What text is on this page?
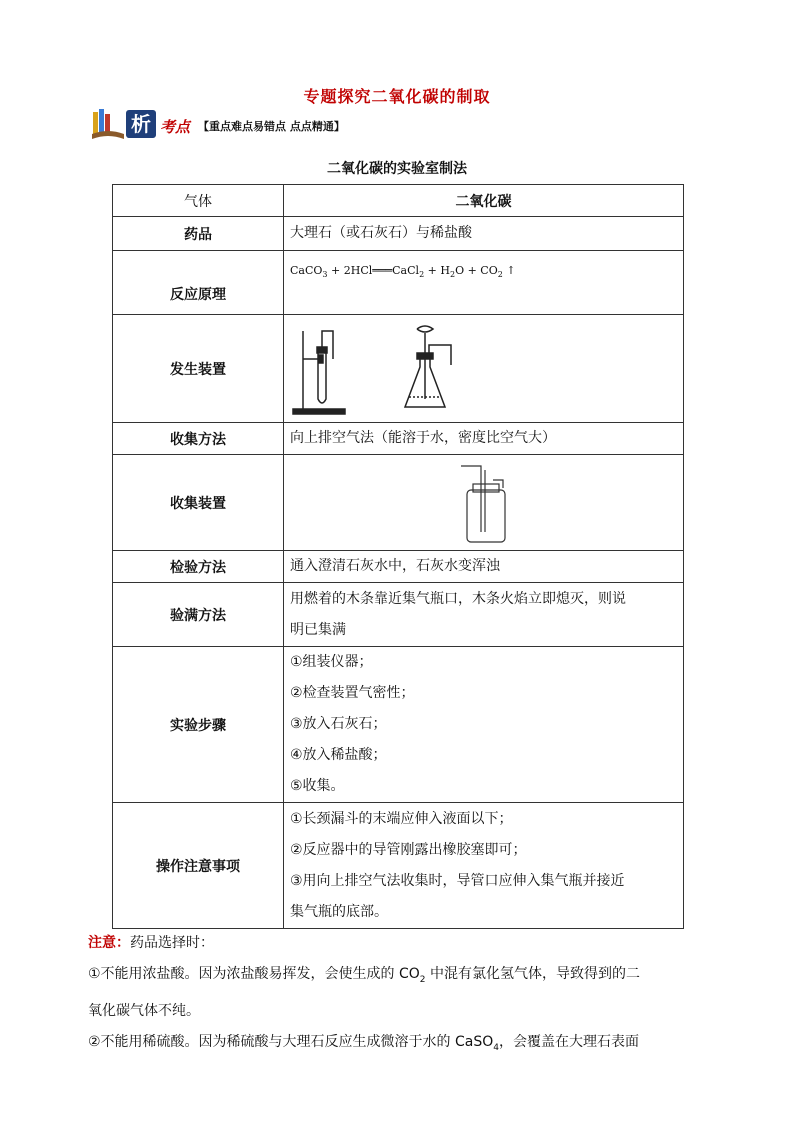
专题探究二氧化碳的制取
析 考点 【重点难点易错点 点点精通】
二氧化碳的实验室制法
气体	二氧化碳
药品	大理石（或石灰石）与稀盐酸
反应原理	$^{CaCO_3 + 2HCl═══CaCl_2 + H_2O + CO_2 ↑}$
发生装置	

收集方法	向上排空气法（能溶于水，密度比空气大）
收集装置	

检验方法	通入澄清石灰水中，石灰水变浑浊
验满方法	用燃着的木条靠近集气瓶口，木条火焰立即熄灭，则说
明已集满

实验步骤	①组装仪器；
②检查装置气密性；
③放入石灰石；
④放入稀盐酸；
⑤收集。

操作注意事项	①长颈漏斗的末端应伸入液面以下；
②反应器中的导管刚露出橡胶塞即可；
③用向上排空气法收集时，导管口应伸入集气瓶并接近
集气瓶的底部。

注意：药品选择时：

①不能用浓盐酸。因为浓盐酸易挥发，会使生成的 $CO_2$ 中混有氯化氢气体，导致得到的二

氧化碳气体不纯。

②不能用稀硫酸。因为稀硫酸与大理石反应生成微溶于水的 CaSO$_4$，会覆盖在大理石表面
